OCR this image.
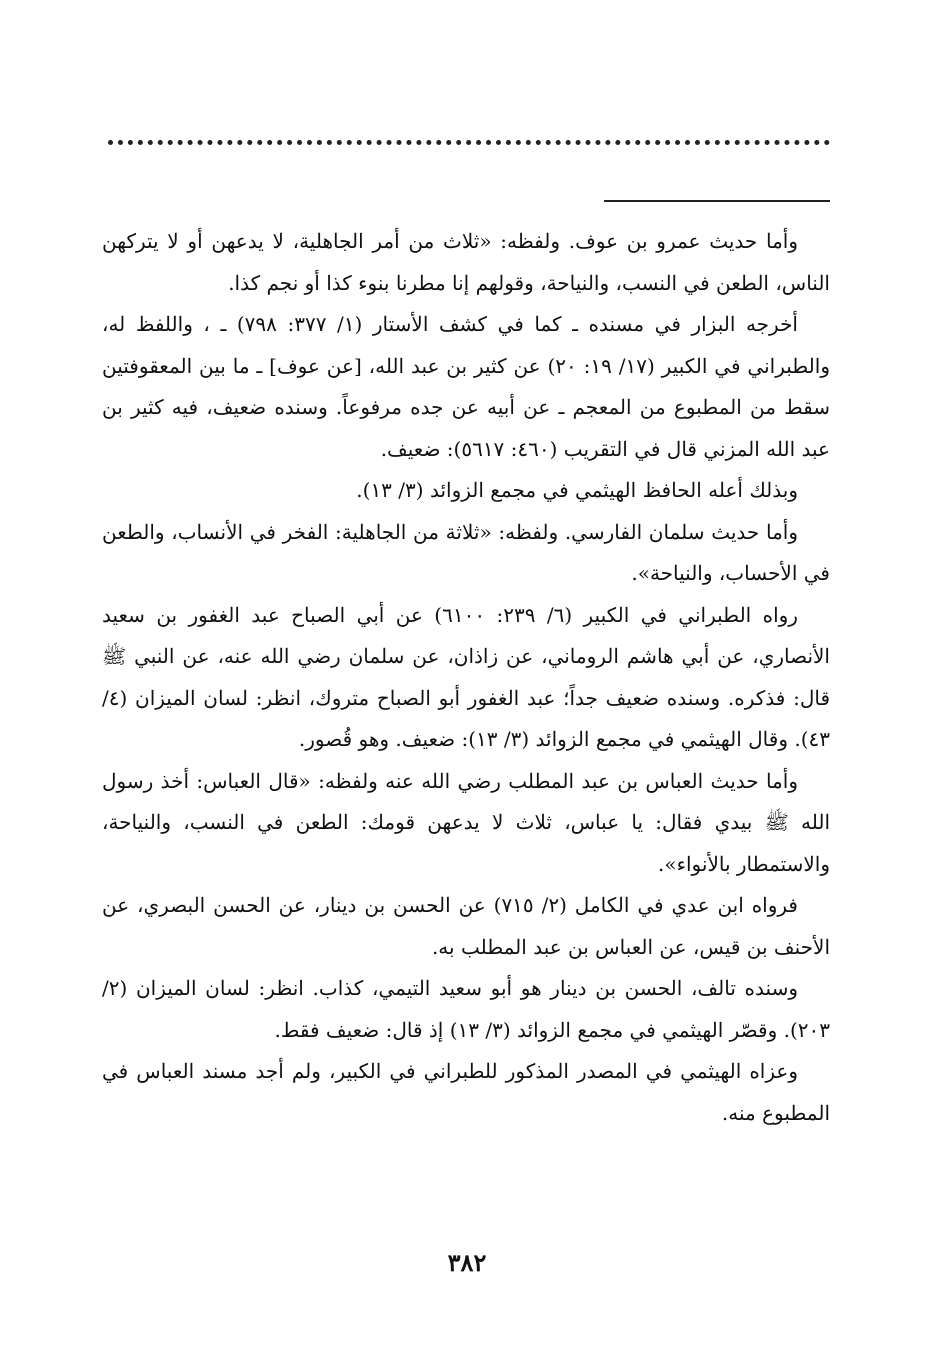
وأما حديث عمرو بن عوف. ولفظه: «ثلاث من أمر الجاهلية، لا يدعهن أو لا يتركهن الناس، الطعن في النسب، والنياحة، وقولهم إنا مطرنا بنوء كذا أو نجم كذا.

أخرجه البزار في مسنده ـ كما في كشف الأستار (١/ ٣٧٧: ٧٩٨) ـ ، واللفظ له، والطبراني في الكبير (١٧/ ١٩: ٢٠) عن كثير بن عبد الله، [عن عوف] ـ ما بين المعقوفتين سقط من المطبوع من المعجم ـ عن أبيه عن جده مرفوعاً. وسنده ضعيف، فيه كثير بن عبد الله المزني قال في التقريب (٤٦٠: ٥٦١٧): ضعيف.

وبذلك أعله الحافظ الهيثمي في مجمع الزوائد (٣/ ١٣).

وأما حديث سلمان الفارسي. ولفظه: «ثلاثة من الجاهلية: الفخر في الأنساب، والطعن في الأحساب، والنياحة».

رواه الطبراني في الكبير (٦/ ٢٣٩: ٦١٠٠) عن أبي الصباح عبد الغفور بن سعيد الأنصاري، عن أبي هاشم الروماني، عن زاذان، عن سلمان رضي الله عنه، عن النبي ﷺ قال: فذكره. وسنده ضعيف جداً؛ عبد الغفور أبو الصباح متروك، انظر: لسان الميزان (٤/ ٤٣). وقال الهيثمي في مجمع الزوائد (٣/ ١٣): ضعيف. وهو قُصور.

وأما حديث العباس بن عبد المطلب رضي الله عنه ولفظه: «قال العباس: أخذ رسول الله ﷺ بيدي فقال: يا عباس، ثلاث لا يدعهن قومك: الطعن في النسب، والنياحة، والاستمطار بالأنواء».

فرواه ابن عدي في الكامل (٢/ ٧١٥) عن الحسن بن دينار، عن الحسن البصري، عن الأحنف بن قيس، عن العباس بن عبد المطلب به.

وسنده تالف، الحسن بن دينار هو أبو سعيد التيمي، كذاب. انظر: لسان الميزان (٢/ ٢٠٣). وقصّر الهيثمي في مجمع الزوائد (٣/ ١٣) إذ قال: ضعيف فقط.

وعزاه الهيثمي في المصدر المذكور للطبراني في الكبير، ولم أجد مسند العباس في المطبوع منه.

٣٨٢
